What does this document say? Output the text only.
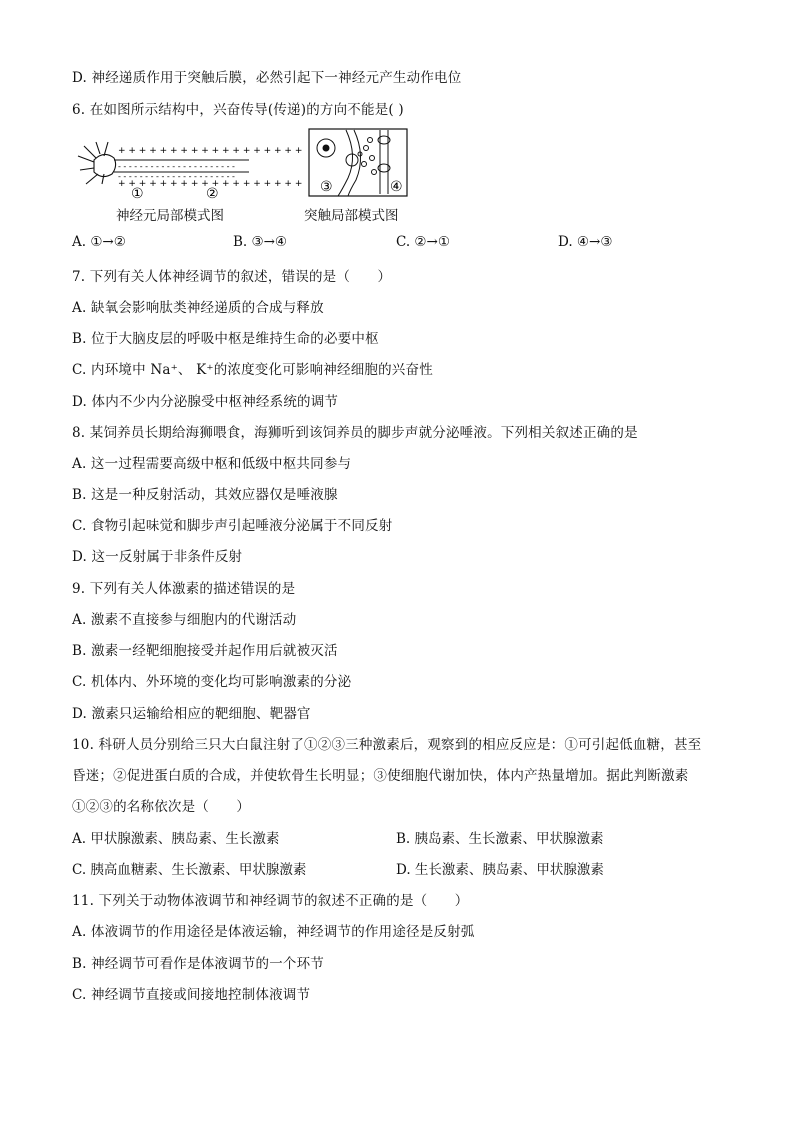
D. 神经递质作用于突触后膜，必然引起下一神经元产生动作电位
6. 在如图所示结构中，兴奋传导(传递)的方向不能是( )
+ + + + + + + + + + + + + + + + + +
- - - - - - - - - - - - - - - - - - - - - -
- - - - - - - - - - - - - - - - - - - - - -
+ + + + + + + + + + + + + + + + + +
①	②	③	④
神经元局部模式图	突触局部模式图
A. ①→②	B. ③→④	C. ②→①	D. ④→③
7. 下列有关人体神经调节的叙述，错误的是（　　）
A. 缺氧会影响肽类神经递质的合成与释放
B. 位于大脑皮层的呼吸中枢是维持生命的必要中枢
C. 内环境中 Na⁺、 K⁺的浓度变化可影响神经细胞的兴奋性
D. 体内不少内分泌腺受中枢神经系统的调节
8. 某饲养员长期给海狮喂食，海狮听到该饲养员的脚步声就分泌唾液。下列相关叙述正确的是
A. 这一过程需要高级中枢和低级中枢共同参与
B. 这是一种反射活动，其效应器仅是唾液腺
C. 食物引起味觉和脚步声引起唾液分泌属于不同反射
D. 这一反射属于非条件反射
9. 下列有关人体激素的描述错误的是
A. 激素不直接参与细胞内的代谢活动
B. 激素一经靶细胞接受并起作用后就被灭活
C. 机体内、外环境的变化均可影响激素的分泌
D. 激素只运输给相应的靶细胞、靶器官
10. 科研人员分别给三只大白鼠注射了①②③三种激素后，观察到的相应反应是：①可引起低血糖，甚至
昏迷；②促进蛋白质的合成，并使软骨生长明显；③使细胞代谢加快，体内产热量增加。据此判断激素
①②③的名称依次是（　　）
A. 甲状腺激素、胰岛素、生长激素	B. 胰岛素、生长激素、甲状腺激素
C. 胰高血糖素、生长激素、甲状腺激素	D. 生长激素、胰岛素、甲状腺激素
11. 下列关于动物体液调节和神经调节的叙述不正确的是（　　）
A. 体液调节的作用途径是体液运输，神经调节的作用途径是反射弧
B. 神经调节可看作是体液调节的一个环节
C. 神经调节直接或间接地控制体液调节
